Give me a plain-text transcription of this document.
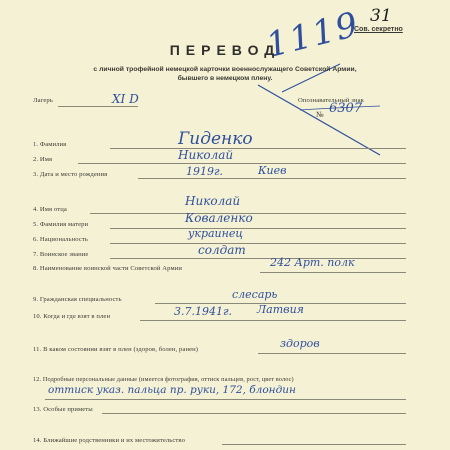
31
Сов. секретно
1119
ПЕРЕВОД
с личной трофейной немецкой карточки военнослужащего Советской Армии,
бывшего в немецком плену.
Лагерь	XI D	Опознавательный знак
№ 6307
1. Фамилия	Гиденко
2. Имя	Николай
3. Дата и место рождения	1919г.	Киев
4. Имя отца
Николай
5. Фамилия матери	Коваленко
6. Национальность	украинец
7. Воинское звание	солдат
8. Наименование воинской части Советской Армии	242 Арт. полк
9. Гражданская специальность	слесарь
10. Когда и где взят в плен	3.7.1941г. Латвия
11. В каком состоянии взят в плен (здоров, болен, ранен)	здоров
12. Подробные персональные данные (имеется фотография, оттиск пальцев, рост, цвет волос)
оттиск указ. пальца пр. руки, 172, блондин
13. Особые приметы
14. Ближайшие родственники и их местожительство
